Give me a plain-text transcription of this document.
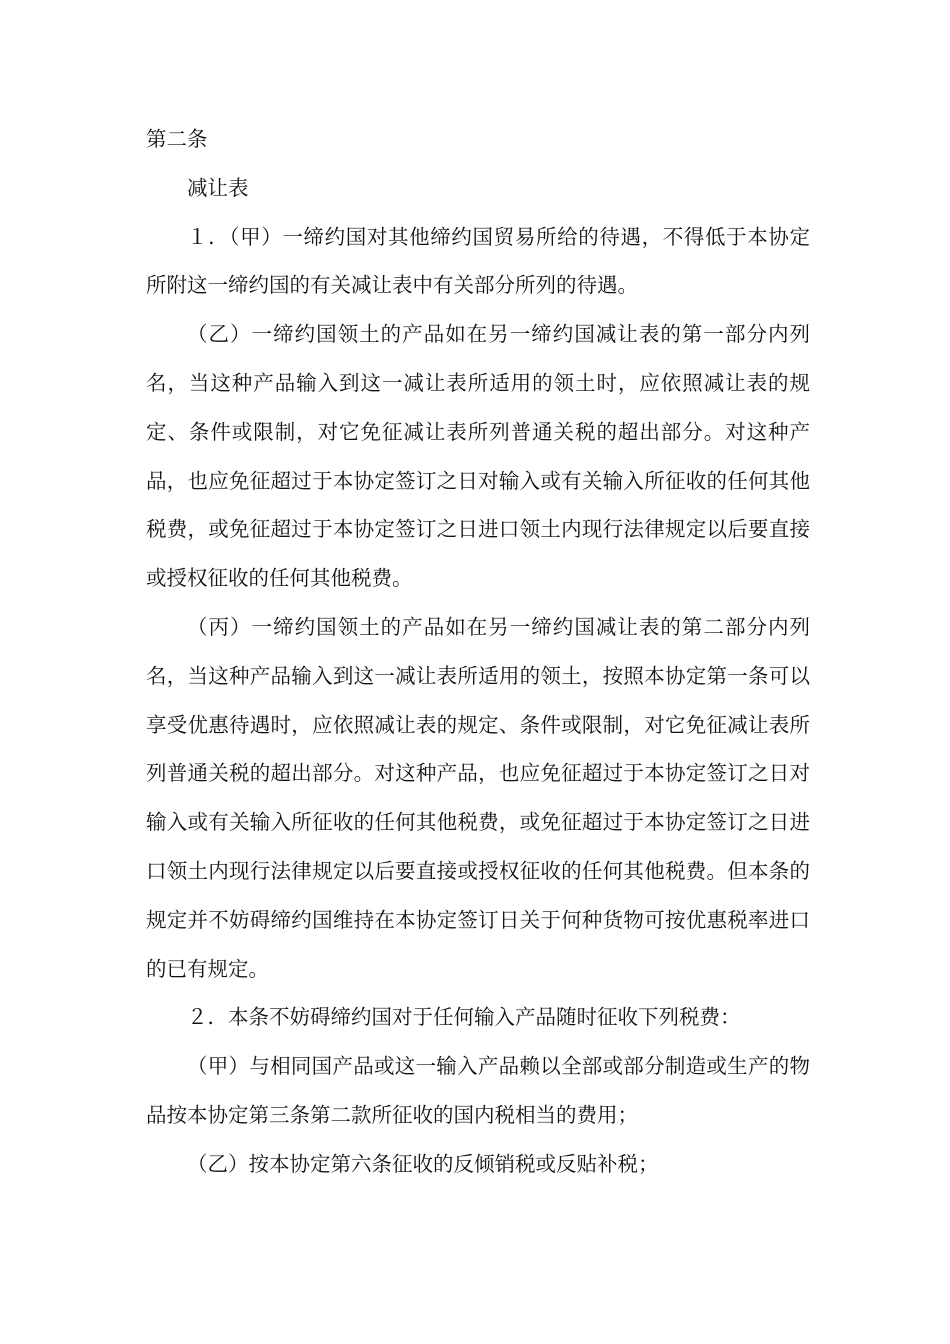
第二条

减让表

１．（甲）一缔约国对其他缔约国贸易所给的待遇，不得低于本协定所附这一缔约国的有关减让表中有关部分所列的待遇。

（乙）一缔约国领土的产品如在另一缔约国减让表的第一部分内列名，当这种产品输入到这一减让表所适用的领土时，应依照减让表的规定、条件或限制，对它免征减让表所列普通关税的超出部分。对这种产品，也应免征超过于本协定签订之日对输入或有关输入所征收的任何其他税费，或免征超过于本协定签订之日进口领土内现行法律规定以后要直接或授权征收的任何其他税费。

（丙）一缔约国领土的产品如在另一缔约国减让表的第二部分内列名，当这种产品输入到这一减让表所适用的领土，按照本协定第一条可以享受优惠待遇时，应依照减让表的规定、条件或限制，对它免征减让表所列普通关税的超出部分。对这种产品，也应免征超过于本协定签订之日对输入或有关输入所征收的任何其他税费，或免征超过于本协定签订之日进口领土内现行法律规定以后要直接或授权征收的任何其他税费。但本条的规定并不妨碍缔约国维持在本协定签订日关于何种货物可按优惠税率进口的已有规定。

２．本条不妨碍缔约国对于任何输入产品随时征收下列税费：

（甲）与相同国产品或这一输入产品赖以全部或部分制造或生产的物品按本协定第三条第二款所征收的国内税相当的费用；

（乙）按本协定第六条征收的反倾销税或反贴补税；
